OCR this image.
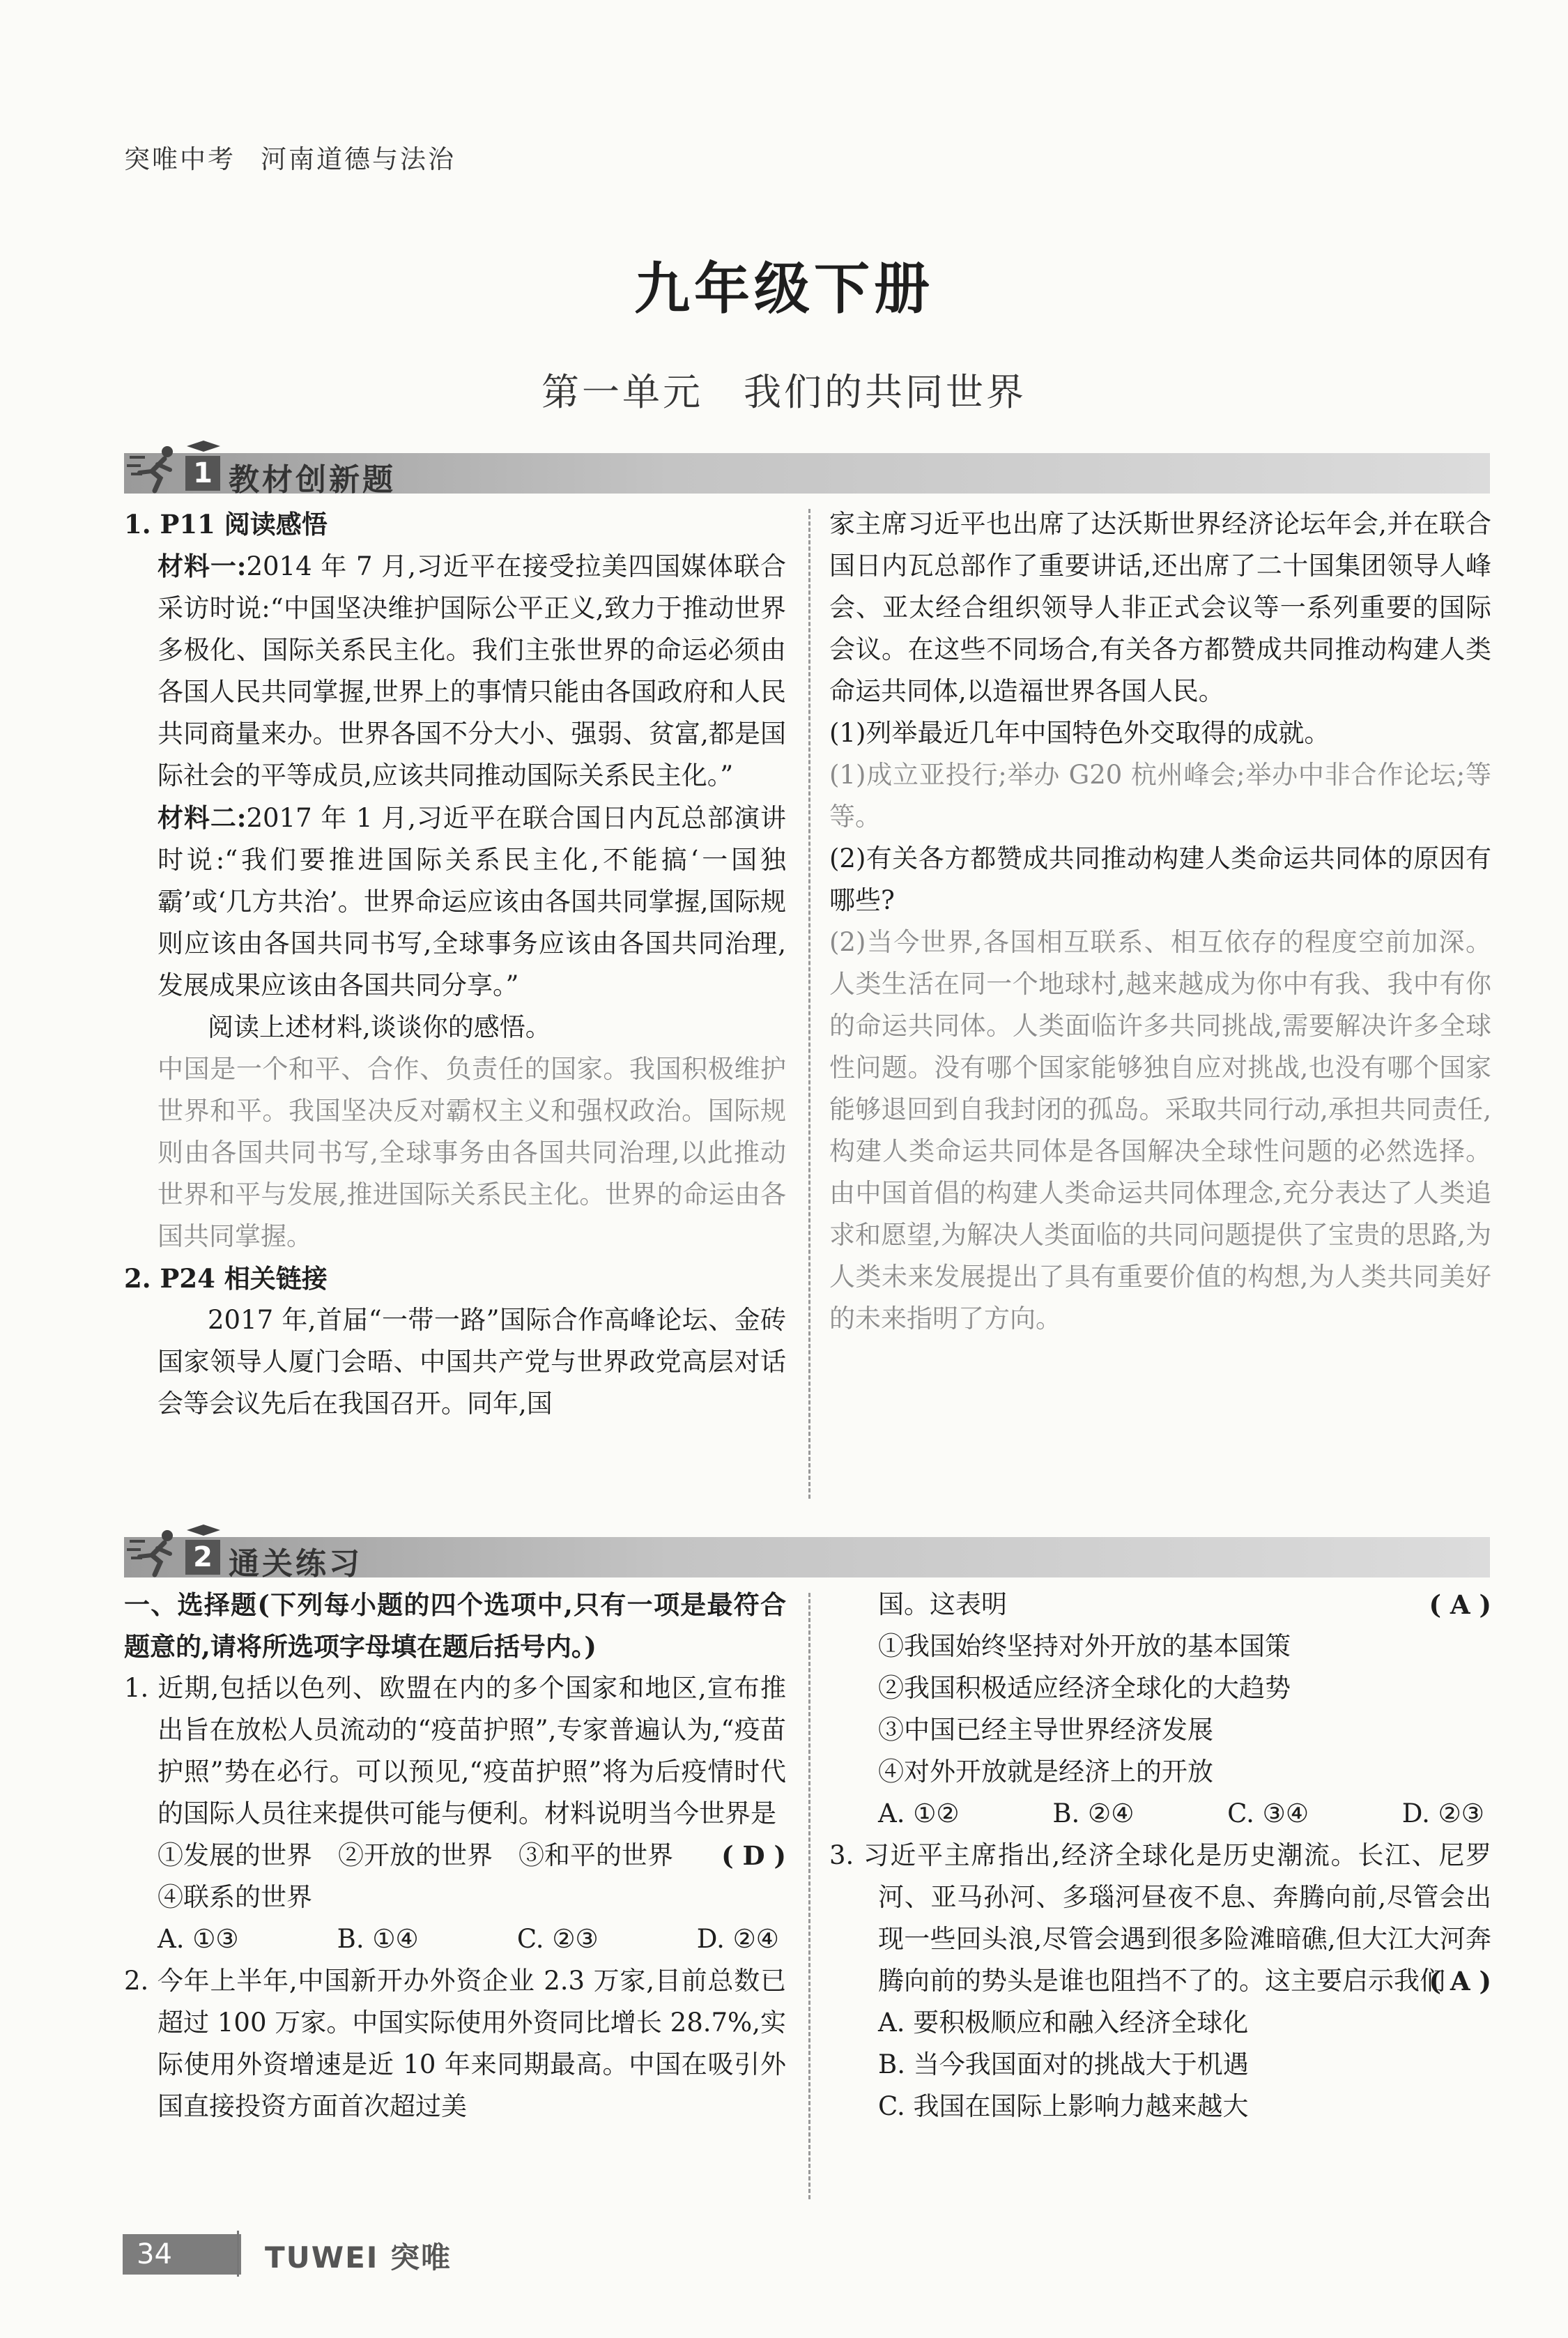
突唯中考 河南道德与法治
九年级下册
第一单元　我们的共同世界
1 教材创新题

1. P11 阅读感悟

材料一:2014 年 7 月,习近平在接受拉美四国媒体联合采访时说:“中国坚决维护国际公平正义,致力于推动世界多极化、国际关系民主化。我们主张世界的命运必须由各国人民共同掌握,世界上的事情只能由各国政府和人民共同商量来办。世界各国不分大小、强弱、贫富,都是国际社会的平等成员,应该共同推动国际关系民主化。”

材料二:2017 年 1 月,习近平在联合国日内瓦总部演讲时说:“我们要推进国际关系民主化,不能搞‘一国独霸’或‘几方共治’。世界命运应该由各国共同掌握,国际规则应该由各国共同书写,全球事务应该由各国共同治理,发展成果应该由各国共同分享。”

阅读上述材料,谈谈你的感悟。

中国是一个和平、合作、负责任的国家。我国积极维护世界和平。我国坚决反对霸权主义和强权政治。国际规则由各国共同书写,全球事务由各国共同治理,以此推动世界和平与发展,推进国际关系民主化。世界的命运由各国共同掌握。

2. P24 相关链接

2017 年,首届“一带一路”国际合作高峰论坛、金砖国家领导人厦门会晤、中国共产党与世界政党高层对话会等会议先后在我国召开。同年,国

家主席习近平也出席了达沃斯世界经济论坛年会,并在联合国日内瓦总部作了重要讲话,还出席了二十国集团领导人峰会、亚太经合组织领导人非正式会议等一系列重要的国际会议。在这些不同场合,有关各方都赞成共同推动构建人类命运共同体,以造福世界各国人民。

(1)列举最近几年中国特色外交取得的成就。

(1)成立亚投行;举办 G20 杭州峰会;举办中非合作论坛;等等。

(2)有关各方都赞成共同推动构建人类命运共同体的原因有哪些?

(2)当今世界,各国相互联系、相互依存的程度空前加深。人类生活在同一个地球村,越来越成为你中有我、我中有你的命运共同体。人类面临许多共同挑战,需要解决许多全球性问题。没有哪个国家能够独自应对挑战,也没有哪个国家能够退回到自我封闭的孤岛。采取共同行动,承担共同责任,构建人类命运共同体是各国解决全球性问题的必然选择。由中国首倡的构建人类命运共同体理念,充分表达了人类追求和愿望,为解决人类面临的共同问题提供了宝贵的思路,为人类未来发展提出了具有重要价值的构想,为人类共同美好的未来指明了方向。

2 通关练习

一、选择题(下列每小题的四个选项中,只有一项是最符合题意的,请将所选项字母填在题后括号内。)

1. 近期,包括以色列、欧盟在内的多个国家和地区,宣布推出旨在放松人员流动的“疫苗护照”,专家普遍认为,“疫苗护照”势在必行。可以预见,“疫苗护照”将为后疫情时代的国际人员往来提供可能与便利。材料说明当今世界是
( D )

①发展的世界　②开放的世界　③和平的世界

④联系的世界

A. ①③	B. ①④	C. ②③	D. ②④

2. 今年上半年,中国新开办外资企业 2.3 万家,目前总数已超过 100 万家。中国实际使用外资同比增长 28.7%,实际使用外资增速是近 10 年来同期最高。中国在吸引外国直接投资方面首次超过美

国。这表明	( A )

①我国始终坚持对外开放的基本国策

②我国积极适应经济全球化的大趋势

③中国已经主导世界经济发展

④对外开放就是经济上的开放

A. ①②	B. ②④	C. ③④	D. ②③

3. 习近平主席指出,经济全球化是历史潮流。长江、尼罗河、亚马孙河、多瑙河昼夜不息、奔腾向前,尽管会出现一些回头浪,尽管会遇到很多险滩暗礁,但大江大河奔腾向前的势头是谁也阻挡不了的。这主要启示我们
( A )

A. 要积极顺应和融入经济全球化

B. 当今我国面对的挑战大于机遇

C. 我国在国际上影响力越来越大

34	TUWEI 突唯
